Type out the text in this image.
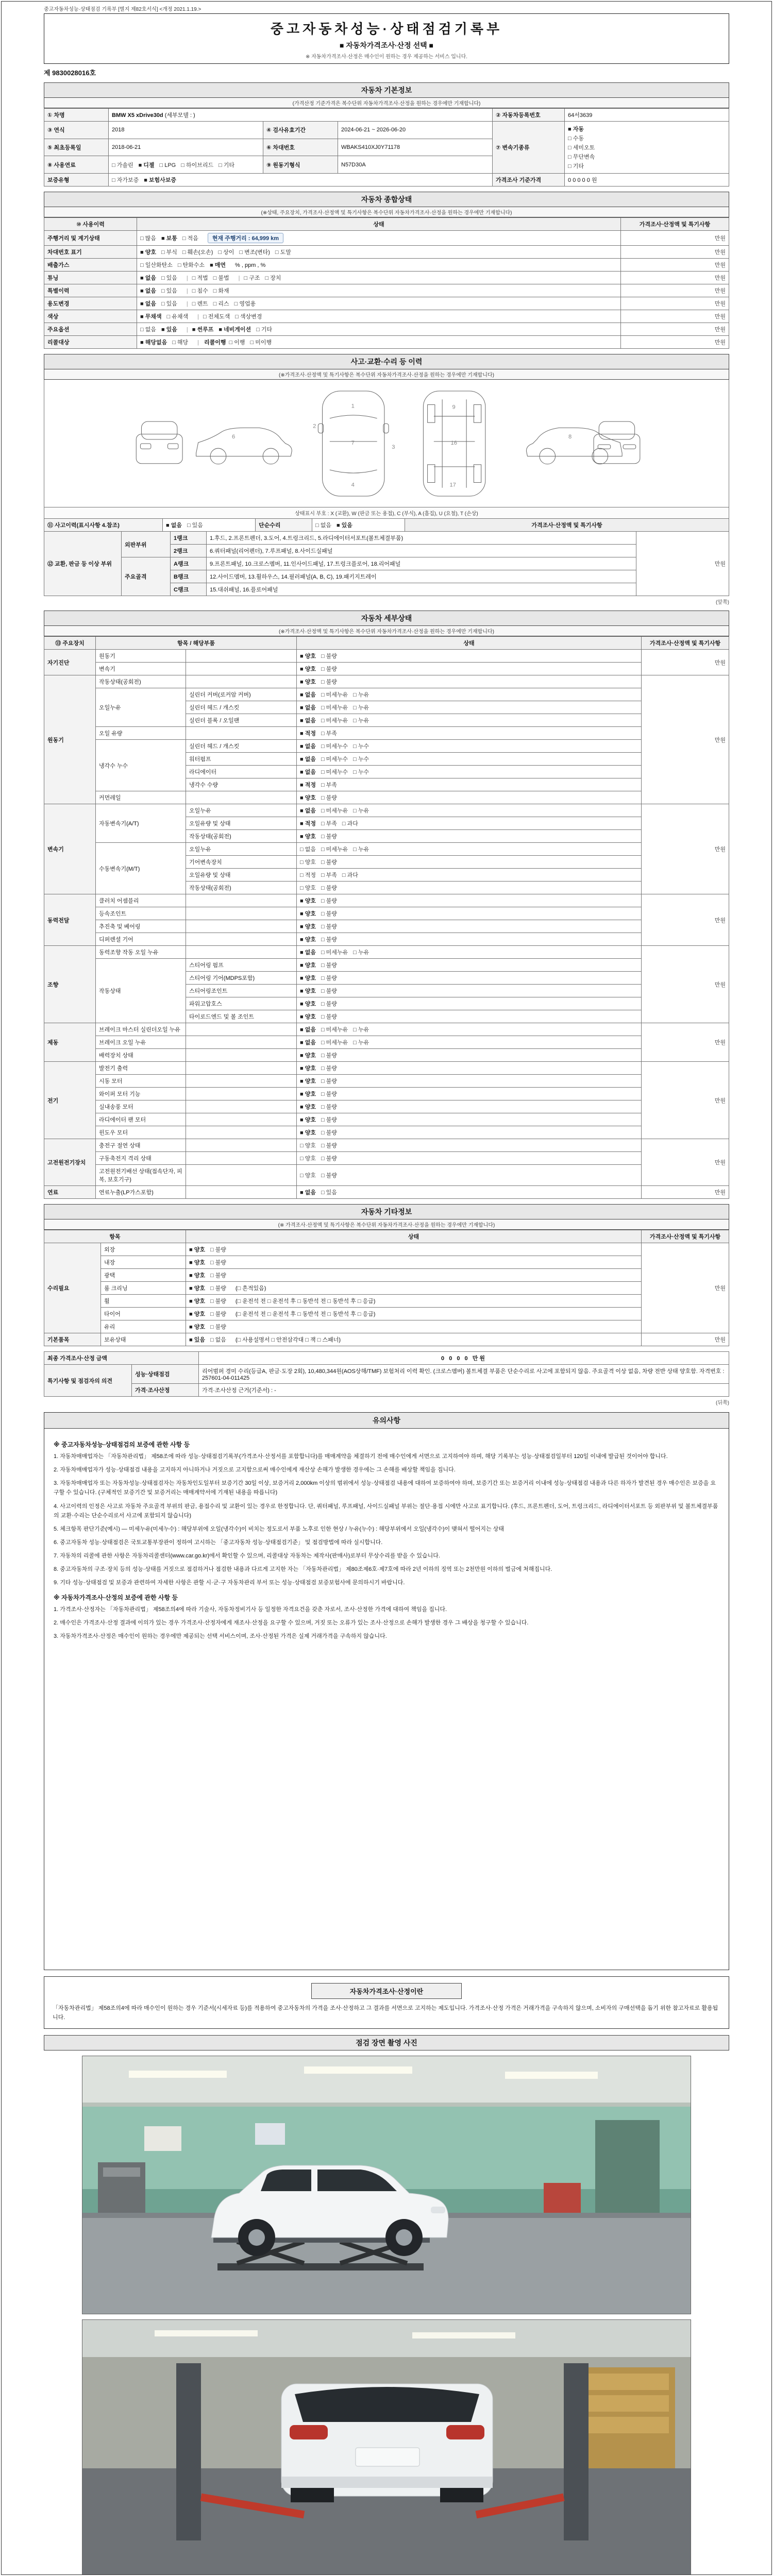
중고자동차성능·상태점검 기록부 [별지 제82호서식] <개정 2021.1.19.>
중고자동차성능·상태점검기록부
■ 자동차가격조사·산정 선택 ■
※ 자동차가격조사·산정은 매수인이 원하는 경우 제공하는 서비스 입니다.
제 9830028016호
자동차 기본정보
(가격산정 기준가격은 복수단위 자동차가격조사·산정을 원하는 경우에만 기재합니다)
① 차명	BMW X5 xDrive30d (세부모델 : )			② 자동차등록번호	64서3639
③ 연식	2018	④ 검사유효기간	2024-06-21 ~ 2026-06-20	⑦ 변속기종류	■ 자동
□ 수동
□ 세미오토
□ 무단변속
□ 기타

⑤ 최초등록일	2018-06-21	⑥ 차대번호	WBAKS410XJ0Y71178		
⑧ 사용연료	□ 가솔린 ■ 디젤 □ LPG □ 하이브리드 □ 기타	⑨ 원동기형식	N57D30A		
보증유형	□ 자가보증 ■ 보험사보증			가격조사 기준가격	0 0 0 0 0 원
자동차 종합상태
(※상태, 주요장치, 가격조사·산정액 및 특기사항은 복수단위 자동차가격조사·산정을 원하는 경우에만 기재합니다)
⑩ 사용이력	상태	가격조사·산정액 및 특기사항
주행거리 및 계기상태	□ 많음 ■ 보통 □ 적음 현재 주행거리 : 64,999 km	만원
차대번호 표기	■ 양호 □ 부식 □ 훼손(오손) □ 상이 □ 변조(변타) □ 도말	만원
배출가스	□ 일산화탄소 □ 탄화수소 ■ 매연 % , ppm , %	만원
튜닝	■ 없음 □ 있음 | □ 적법 □ 불법 | □ 구조 □ 장치	만원
특별이력	■ 없음 □ 있음 | □ 침수 □ 화재	만원
용도변경	■ 없음 □ 있음 | □ 렌트 □ 리스 □ 영업용	만원
색상	■ 무채색 □ 유채색 | □ 전체도색 □ 색상변경	만원
주요옵션	□ 없음 ■ 있음 | ■ 썬루프 ■ 네비게이션 □ 기타	만원
리콜대상	■ 해당없음 □ 해당 | 리콜이행 □ 이행 □ 미이행	만원
사고·교환·수리 등 이력
(※가격조사·산정액 및 특기사항은 복수단위 자동차가격조사·산정을 원하는 경우에만 기재합니다)
1
7
4
2
3
9
16
17
6	8
상태표시 부호 : X (교환), W (판금 또는 용접), C (부식), A (흠집), U (요철), T (손상)
⑪ 사고이력(표시사항 4.참조)	■ 없음 □ 있음	단순수리	□ 없음 ■ 있음	가격조사·산정액 및 특기사항
⑫ 교환, 판금 등 이상 부위	외판부위	1랭크	1.후드, 2.프론트펜더, 3.도어, 4.트렁크리드, 5.라디에이터서포트(볼트체결부품)	만원
		2랭크	6.쿼터패널(리어펜더), 7.루프패널, 8.사이드실패널	
	주요골격	A랭크	9.프론트패널, 10.크로스멤버, 11.인사이드패널, 17.트렁크플로어, 18.리어패널	
		B랭크	12.사이드멤버, 13.휠하우스, 14.필러패널(A, B, C), 19.패키지트레이	
		C랭크	15.대쉬패널, 16.플로어패널	
(앞쪽)
자동차 세부상태
(※가격조사·산정액 및 특기사항은 복수단위 자동차가격조사·산정을 원하는 경우에만 기재합니다)
⑬ 주요장치	항목 / 해당부품		상태	가격조사·산정액 및 특기사항
자기진단	원동기		■ 양호 □ 불량	만원
	변속기		■ 양호 □ 불량	
원동기	작동상태(공회전)		■ 양호 □ 불량	만원
	오일누유	실린더 커버(로커암 커버)	■ 없음 □ 미세누유 □ 누유	
		실린더 헤드 / 개스킷	■ 없음 □ 미세누유 □ 누유	
		실린더 블록 / 오일팬	■ 없음 □ 미세누유 □ 누유	
	오일 유량		■ 적정 □ 부족	
	냉각수 누수	실린더 헤드 / 개스킷	■ 없음 □ 미세누수 □ 누수	
		워터펌프	■ 없음 □ 미세누수 □ 누수	
		라디에이터	■ 없음 □ 미세누수 □ 누수	
		냉각수 수량	■ 적정 □ 부족	
	커먼레일		■ 양호 □ 불량	
변속기	자동변속기(A/T)	오일누유	■ 없음 □ 미세누유 □ 누유	만원
		오일유량 및 상태	■ 적정 □ 부족 □ 과다	
		작동상태(공회전)	■ 양호 □ 불량	
	수동변속기(M/T)	오일누유	□ 없음 □ 미세누유 □ 누유	
		기어변속장치	□ 양호 □ 불량	
		오일유량 및 상태	□ 적정 □ 부족 □ 과다	
		작동상태(공회전)	□ 양호 □ 불량	
동력전달	클러치 어셈블리		■ 양호 □ 불량	만원
	등속조인트		■ 양호 □ 불량	
	추진축 및 베어링		■ 양호 □ 불량	
	디퍼렌셜 기어		■ 양호 □ 불량	
조향	동력조향 작동 오일 누유		■ 없음 □ 미세누유 □ 누유	만원
	작동상태	스티어링 펌프	■ 양호 □ 불량	
		스티어링 기어(MDPS포함)	■ 양호 □ 불량	
		스티어링조인트	■ 양호 □ 불량	
		파워고압호스	■ 양호 □ 불량	
		타이로드엔드 및 볼 조인트	■ 양호 □ 불량	
제동	브레이크 마스터 실린더오일 누유		■ 없음 □ 미세누유 □ 누유	만원
	브레이크 오일 누유		■ 없음 □ 미세누유 □ 누유	
	배력장치 상태		■ 양호 □ 불량	
전기	발전기 출력		■ 양호 □ 불량	만원
	시동 모터		■ 양호 □ 불량	
	와이퍼 모터 기능		■ 양호 □ 불량	
	실내송풍 모터		■ 양호 □ 불량	
	라디에이터 팬 모터		■ 양호 □ 불량	
	윈도우 모터		■ 양호 □ 불량	
고전원전기장치	충전구 절연 상태		□ 양호 □ 불량	만원
	구동축전지 격리 상태		□ 양호 □ 불량	
	고전원전기배선 상태(접속단자, 피복, 보호기구)		□ 양호 □ 불량	
연료	연료누출(LP가스포함)		■ 없음 □ 있음	만원
자동차 기타정보
(※ 가격조사·산정액 및 특기사항은 복수단위 자동차가격조사·산정을 원하는 경우에만 기재합니다)
항목		상태	가격조사·산정액 및 특기사항
수리필요	외장	■ 양호 □ 불량	만원
	내장	■ 양호 □ 불량	
	광택	■ 양호 □ 불량	
	룸 크리닝	■ 양호 □ 불량 (□ 흔적있음)	
	휠	■ 양호 □ 불량 (□ 운전석 전 □ 운전석 후 □ 동반석 전 □ 동반석 후 □ 응급)	
	타이어	■ 양호 □ 불량 (□ 운전석 전 □ 운전석 후 □ 동반석 전 □ 동반석 후 □ 응급)	
	유리	■ 양호 □ 불량	
기본품목	보유상태	■ 있음 □ 없음 (□ 사용설명서 □ 안전삼각대 □ 잭 □ 스패너)	만원
최종 가격조사·산정 금액	0 0 0 0 만원
특기사항 및 점검자의 의견	성능·상태점검	리어범퍼 경미 수리(등급A, 판금·도장 2회), 10,480,344원(AOS상해/TMF) 보험처리 이력 확인. (크로스멤버) 볼트체결 부품은 단순수리로 사고에 포함되지 않음. 주요골격 이상 없음, 차량 전반 상태 양호함. 자격번호 : 257601-04-011425
	가격·조사산정	가격·조사산정 근거(기준서) : -
(뒤쪽)
유의사항
※ 중고자동차성능·상태점검의 보증에 관한 사항 등

1. 자동차매매업자는 「자동차관리법」 제58조에 따라 성능·상태점검기록부(가격조사·산정서를 포함합니다)를 매매계약을 체결하기 전에 매수인에게 서면으로 고지하여야 하며, 해당 기록부는 성능·상태점검일부터 120일 이내에 발급된 것이어야 합니다.

2. 자동차매매업자가 성능·상태점검 내용을 고지하지 아니하거나 거짓으로 고지함으로써 매수인에게 재산상 손해가 발생한 경우에는 그 손해를 배상할 책임을 집니다.

3. 자동차매매업자 또는 자동차성능·상태점검자는 자동차인도일부터 보증기간 30일 이상, 보증거리 2,000km 이상의 범위에서 성능·상태점검 내용에 대하여 보증하여야 하며, 보증기간 또는 보증거리 이내에 성능·상태점검 내용과 다른 하자가 발견된 경우 매수인은 보증을 요구할 수 있습니다. (구체적인 보증기간 및 보증거리는 매매계약서에 기재된 내용을 따릅니다)

4. 사고이력의 인정은 사고로 자동차 주요골격 부위의 판금, 용접수리 및 교환이 있는 경우로 한정합니다. 단, 쿼터패널, 루프패널, 사이드실패널 부위는 절단·용접 시에만 사고로 표기합니다. (후드, 프론트펜더, 도어, 트렁크리드, 라디에이터서포트 등 외판부위 및 볼트체결부품의 교환·수리는 단순수리로서 사고에 포함되지 않습니다)

5. 체크항목 판단기준(예시) — 미세누유(미세누수) : 해당부위에 오일(냉각수)이 비치는 정도로서 부품 노후로 인한 현상 / 누유(누수) : 해당부위에서 오일(냉각수)이 맺혀서 떨어지는 상태

6. 중고자동차 성능·상태점검은 국토교통부장관이 정하여 고시하는 「중고자동차 성능·상태점검기준」 및 점검방법에 따라 실시합니다.

7. 자동차의 리콜에 관한 사항은 자동차리콜센터(www.car.go.kr)에서 확인할 수 있으며, 리콜대상 자동차는 제작사(판매사)로부터 무상수리를 받을 수 있습니다.

8. 중고자동차의 구조·장치 등의 성능·상태를 거짓으로 점검하거나 점검한 내용과 다르게 고지한 자는 「자동차관리법」 제80조제6호·제7호에 따라 2년 이하의 징역 또는 2천만원 이하의 벌금에 처해집니다.

9. 기타 성능·상태점검 및 보증과 관련하여 자세한 사항은 관할 시·군·구 자동차관리 부서 또는 성능·상태점검 보증보험사에 문의하시기 바랍니다.

※ 자동차가격조사·산정의 보증에 관한 사항 등

1. 가격조사·산정자는 「자동차관리법」 제58조의4에 따라 기술사, 자동차정비기사 등 일정한 자격요건을 갖춘 자로서, 조사·산정한 가격에 대하여 책임을 집니다.

2. 매수인은 가격조사·산정 결과에 이의가 있는 경우 가격조사·산정자에게 재조사·산정을 요구할 수 있으며, 거짓 또는 오류가 있는 조사·산정으로 손해가 발생한 경우 그 배상을 청구할 수 있습니다.

3. 자동차가격조사·산정은 매수인이 원하는 경우에만 제공되는 선택 서비스이며, 조사·산정된 가격은 실제 거래가격을 구속하지 않습니다.

자동차가격조사·산정이란
「자동차관리법」 제58조의4에 따라 매수인이 원하는 경우 기준서(시세자료 등)를 적용하여 중고자동차의 가격을 조사·산정하고 그 결과를 서면으로 고지하는 제도입니다. 가격조사·산정 가격은 거래가격을 구속하지 않으며, 소비자의 구매선택을 돕기 위한 참고자료로 활용됩니다.
점검 장면 촬영 사진
